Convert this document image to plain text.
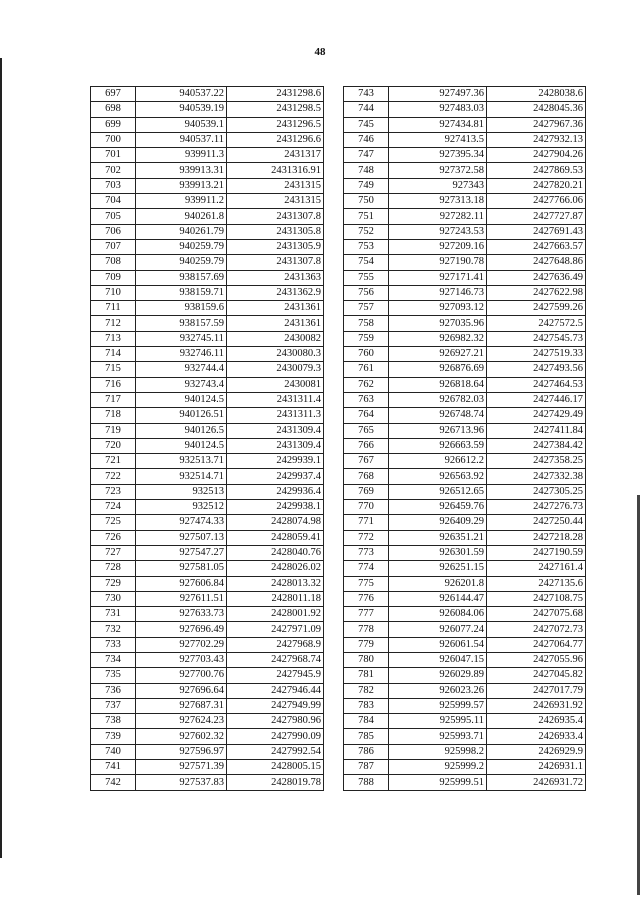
48
697	940537.22	2431298.6
698	940539.19	2431298.5
699	940539.1	2431296.5
700	940537.11	2431296.6
701	939911.3	2431317
702	939913.31	2431316.91
703	939913.21	2431315
704	939911.2	2431315
705	940261.8	2431307.8
706	940261.79	2431305.8
707	940259.79	2431305.9
708	940259.79	2431307.8
709	938157.69	2431363
710	938159.71	2431362.9
711	938159.6	2431361
712	938157.59	2431361
713	932745.11	2430082
714	932746.11	2430080.3
715	932744.4	2430079.3
716	932743.4	2430081
717	940124.5	2431311.4
718	940126.51	2431311.3
719	940126.5	2431309.4
720	940124.5	2431309.4
721	932513.71	2429939.1
722	932514.71	2429937.4
723	932513	2429936.4
724	932512	2429938.1
725	927474.33	2428074.98
726	927507.13	2428059.41
727	927547.27	2428040.76
728	927581.05	2428026.02
729	927606.84	2428013.32
730	927611.51	2428011.18
731	927633.73	2428001.92
732	927696.49	2427971.09
733	927702.29	2427968.9
734	927703.43	2427968.74
735	927700.76	2427945.9
736	927696.64	2427946.44
737	927687.31	2427949.99
738	927624.23	2427980.96
739	927602.32	2427990.09
740	927596.97	2427992.54
741	927571.39	2428005.15
742	927537.83	2428019.78
743	927497.36	2428038.6
744	927483.03	2428045.36
745	927434.81	2427967.36
746	927413.5	2427932.13
747	927395.34	2427904.26
748	927372.58	2427869.53
749	927343	2427820.21
750	927313.18	2427766.06
751	927282.11	2427727.87
752	927243.53	2427691.43
753	927209.16	2427663.57
754	927190.78	2427648.86
755	927171.41	2427636.49
756	927146.73	2427622.98
757	927093.12	2427599.26
758	927035.96	2427572.5
759	926982.32	2427545.73
760	926927.21	2427519.33
761	926876.69	2427493.56
762	926818.64	2427464.53
763	926782.03	2427446.17
764	926748.74	2427429.49
765	926713.96	2427411.84
766	926663.59	2427384.42
767	926612.2	2427358.25
768	926563.92	2427332.38
769	926512.65	2427305.25
770	926459.76	2427276.73
771	926409.29	2427250.44
772	926351.21	2427218.28
773	926301.59	2427190.59
774	926251.15	2427161.4
775	926201.8	2427135.6
776	926144.47	2427108.75
777	926084.06	2427075.68
778	926077.24	2427072.73
779	926061.54	2427064.77
780	926047.15	2427055.96
781	926029.89	2427045.82
782	926023.26	2427017.79
783	925999.57	2426931.92
784	925995.11	2426935.4
785	925993.71	2426933.4
786	925998.2	2426929.9
787	925999.2	2426931.1
788	925999.51	2426931.72
